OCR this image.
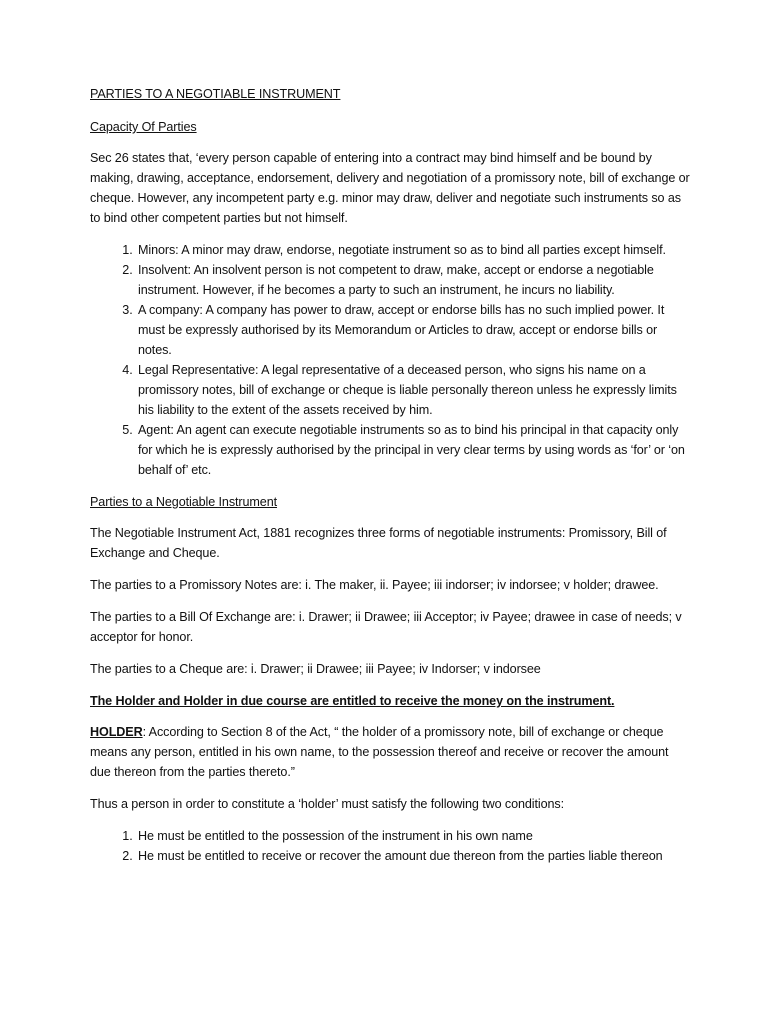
PARTIES TO A NEGOTIABLE INSTRUMENT

Capacity Of Parties

Sec 26 states that, ‘every person capable of entering into a contract may bind himself and be bound by making, drawing, acceptance, endorsement, delivery and negotiation of a promissory note, bill of exchange or cheque. However, any incompetent party e.g. minor may draw, deliver and negotiate such instruments so as to bind other competent parties but not himself.

1. Minors: A minor may draw, endorse, negotiate instrument so as to bind all parties except himself.
2. Insolvent: An insolvent person is not competent to draw, make, accept or endorse a negotiable instrument. However, if he becomes a party to such an instrument, he incurs no liability.
3. A company: A company has power to draw, accept or endorse bills has no such implied power. It must be expressly authorised by its Memorandum or Articles to draw, accept or endorse bills or notes.
4. Legal Representative: A legal representative of a deceased person, who signs his name on a promissory notes, bill of exchange or cheque is liable personally thereon unless he expressly limits his liability to the extent of the assets received by him.
5. Agent: An agent can execute negotiable instruments so as to bind his principal in that capacity only for which he is expressly authorised by the principal in very clear terms by using words as ‘for’ or ‘on behalf of’ etc.

Parties to a Negotiable Instrument

The Negotiable Instrument Act, 1881 recognizes three forms of negotiable instruments: Promissory, Bill of Exchange and Cheque.

The parties to a Promissory Notes are: i. The maker, ii. Payee; iii indorser; iv indorsee; v holder; drawee.

The parties to a Bill Of Exchange are: i. Drawer; ii Drawee; iii Acceptor; iv Payee; drawee in case of needs; v acceptor for honor.

The parties to a Cheque are: i. Drawer; ii Drawee; iii Payee; iv Indorser; v indorsee

The Holder and Holder in due course are entitled to receive the money on the instrument.

HOLDER: According to Section 8 of the Act, “ the holder of a promissory note, bill of exchange or cheque means any person, entitled in his own name, to the possession thereof and receive or recover the amount due thereon from the parties thereto.”

Thus a person in order to constitute a ‘holder’ must satisfy the following two conditions:

1. He must be entitled to the possession of the instrument in his own name
2. He must be entitled to receive or recover the amount due thereon from the parties liable thereon
